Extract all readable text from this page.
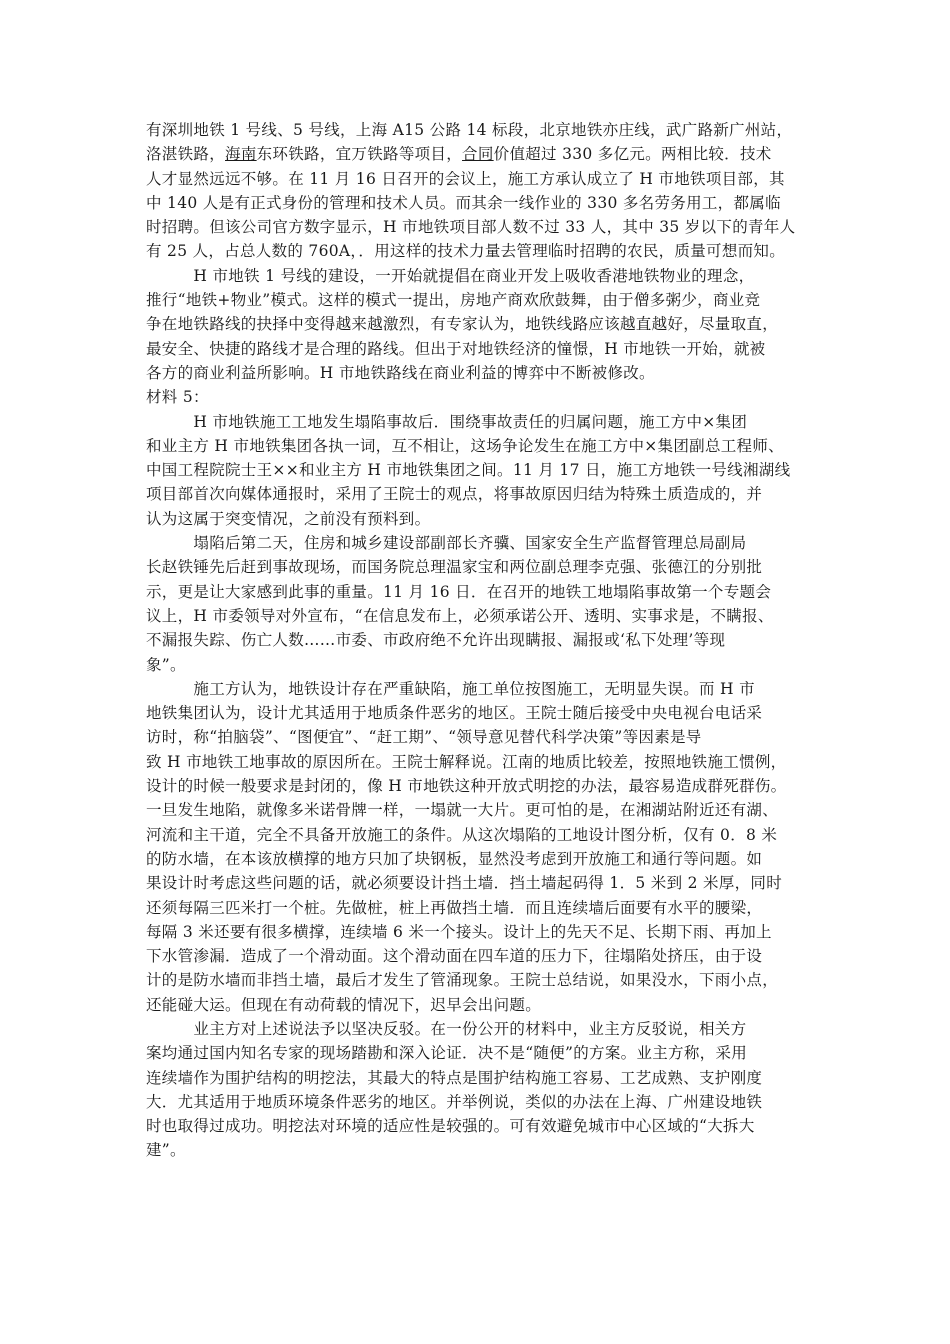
有深圳地铁 1 号线、5 号线，上海 A15 公路 14 标段，北京地铁亦庄线，武广路新广州站，
洛湛铁路，海南东环铁路，宜万铁路等项目，合同价值超过 330 多亿元。两相比较．技术
人才显然远远不够。在 11 月 16 日召开的会议上，施工方承认成立了 H 市地铁项目部，其
中 140 人是有正式身份的管理和技术人员。而其余一线作业的 330 多名劳务用工，都属临
时招聘。但该公司官方数字显示，H 市地铁项目部人数不过 33 人，其中 35 岁以下的青年人
有 25 人，占总人数的 760A，．用这样的技术力量去管理临时招聘的农民，质量可想而知。
　　　H 市地铁 1 号线的建设，一开始就提倡在商业开发上吸收香港地铁物业的理念，
推行“地铁+物业”模式。这样的模式一提出，房地产商欢欣鼓舞，由于僧多粥少，商业竞
争在地铁路线的抉择中变得越来越激烈，有专家认为，地铁线路应该越直越好，尽量取直，
最安全、快捷的路线才是合理的路线。但出于对地铁经济的憧憬，H 市地铁一开始，就被
各方的商业利益所影响。H 市地铁路线在商业利益的博弈中不断被修改。
材料 5：
　　　H 市地铁施工工地发生塌陷事故后．围绕事故责任的归属问题，施工方中×集团
和业主方 H 市地铁集团各执一词，互不相让，这场争论发生在施工方中×集团副总工程师、
中国工程院院士王××和业主方 H 市地铁集团之间。11 月 17 日，施工方地铁一号线湘湖线
项目部首次向媒体通报时，采用了王院士的观点，将事故原因归结为特殊土质造成的，并
认为这属于突变情况，之前没有预料到。
　　　塌陷后第二天，住房和城乡建设部副部长齐骥、国家安全生产监督管理总局副局
长赵铁锤先后赶到事故现场，而国务院总理温家宝和两位副总理李克强、张德江的分别批
示，更是让大家感到此事的重量。11 月 16 日．在召开的地铁工地塌陷事故第一个专题会
议上，H 市委领导对外宣布，“在信息发布上，必须承诺公开、透明、实事求是，不瞒报、
不漏报失踪、伤亡人数……市委、市政府绝不允许出现瞒报、漏报或‘私下处理’等现
象”。
　　　施工方认为，地铁设计存在严重缺陷，施工单位按图施工，无明显失误。而 H 市
地铁集团认为，设计尤其适用于地质条件恶劣的地区。王院士随后接受中央电视台电话采
访时，称“拍脑袋”、“图便宜”、“赶工期”、“领导意见替代科学决策”等因素是导
致 H 市地铁工地事故的原因所在。王院士解释说。江南的地质比较差，按照地铁施工惯例，
设计的时候一般要求是封闭的，像 H 市地铁这种开放式明挖的办法，最容易造成群死群伤。
一旦发生地陷，就像多米诺骨牌一样，一塌就一大片。更可怕的是，在湘湖站附近还有湖、
河流和主干道，完全不具备开放施工的条件。从这次塌陷的工地设计图分析，仅有 0．8 米
的防水墙，在本该放横撑的地方只加了块钢板，显然没考虑到开放施工和通行等问题。如
果设计时考虑这些问题的话，就必须要设计挡土墙．挡土墙起码得 1．5 米到 2 米厚，同时
还须每隔三匹米打一个桩。先做桩，桩上再做挡土墙．而且连续墙后面要有水平的腰梁，
每隔 3 米还要有很多横撑，连续墙 6 米一个接头。设计上的先天不足、长期下雨、再加上
下水管渗漏．造成了一个滑动面。这个滑动面在四车道的压力下，往塌陷处挤压，由于设
计的是防水墙而非挡土墙，最后才发生了管涌现象。王院士总结说，如果没水，下雨小点，
还能碰大运。但现在有动荷载的情况下，迟早会出问题。
　　　业主方对上述说法予以坚决反驳。在一份公开的材料中，业主方反驳说，相关方
案均通过国内知名专家的现场踏勘和深入论证．决不是“随便”的方案。业主方称，采用
连续墙作为围护结构的明挖法，其最大的特点是围护结构施工容易、工艺成熟、支护刚度
大．尤其适用于地质环境条件恶劣的地区。并举例说，类似的办法在上海、广州建设地铁
时也取得过成功。明挖法对环境的适应性是较强的。可有效避免城市中心区域的“大拆大
建”。
